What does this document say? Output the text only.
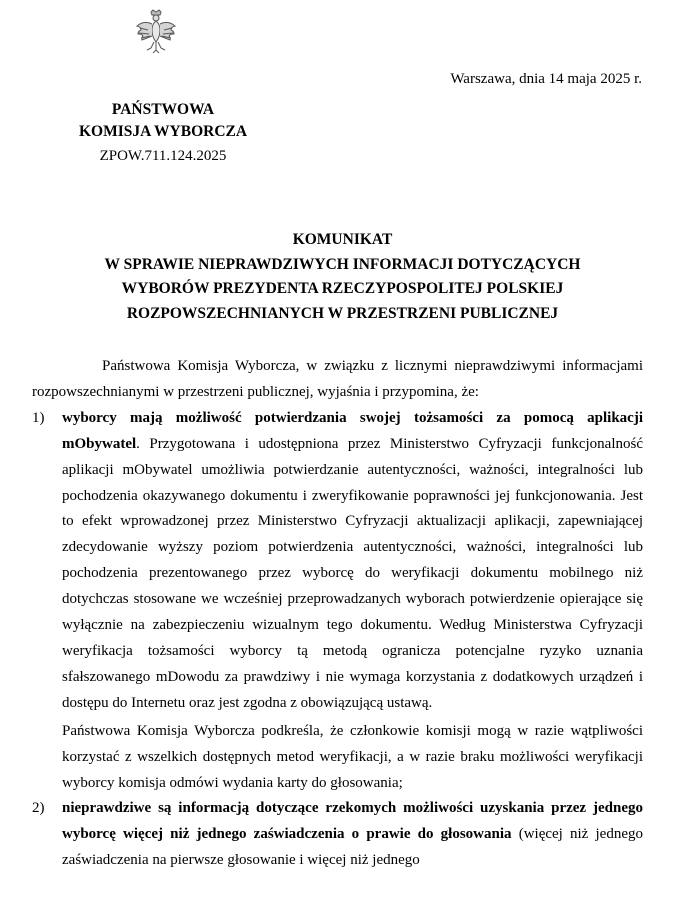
Warszawa, dnia 14 maja 2025 r.
PAŃSTWOWA
KOMISJA WYBORCZA
ZPOW.711.124.2025
KOMUNIKAT
W SPRAWIE NIEPRAWDZIWYCH INFORMACJI DOTYCZĄCYCH
WYBORÓW PREZYDENTA RZECZYPOSPOLITEJ POLSKIEJ
ROZPOWSZECHNIANYCH W PRZESTRZENI PUBLICZNEJ

Państwowa Komisja Wyborcza, w związku z licznymi nieprawdziwymi informacjami rozpowszechnianymi w przestrzeni publicznej, wyjaśnia i przypomina, że:

1) wyborcy mają możliwość potwierdzania swojej tożsamości za pomocą aplikacji mObywatel. Przygotowana i udostępniona przez Ministerstwo Cyfryzacji funkcjonalność aplikacji mObywatel umożliwia potwierdzanie autentyczności, ważności, integralności lub pochodzenia okazywanego dokumentu i zweryfikowanie poprawności jej funkcjonowania. Jest to efekt wprowadzonej przez Ministerstwo Cyfryzacji aktualizacji aplikacji, zapewniającej zdecydowanie wyższy poziom potwierdzenia autentyczności, ważności, integralności lub pochodzenia prezentowanego przez wyborcę do weryfikacji dokumentu mobilnego niż dotychczas stosowane we wcześniej przeprowadzanych wyborach potwierdzenie opierające się wyłącznie na zabezpieczeniu wizualnym tego dokumentu. Według Ministerstwa Cyfryzacji weryfikacja tożsamości wyborcy tą metodą ogranicza potencjalne ryzyko uznania sfałszowanego mDowodu za prawdziwy i nie wymaga korzystania z dodatkowych urządzeń i dostępu do Internetu oraz jest zgodna z obowiązującą ustawą.

Państwowa Komisja Wyborcza podkreśla, że członkowie komisji mogą w razie wątpliwości korzystać z wszelkich dostępnych metod weryfikacji, a w razie braku możliwości weryfikacji wyborcy komisja odmówi wydania karty do głosowania;

2) nieprawdziwe są informacją dotyczące rzekomych możliwości uzyskania przez jednego wyborcę więcej niż jednego zaświadczenia o prawie do głosowania (więcej niż jednego zaświadczenia na pierwsze głosowanie i więcej niż jednego
